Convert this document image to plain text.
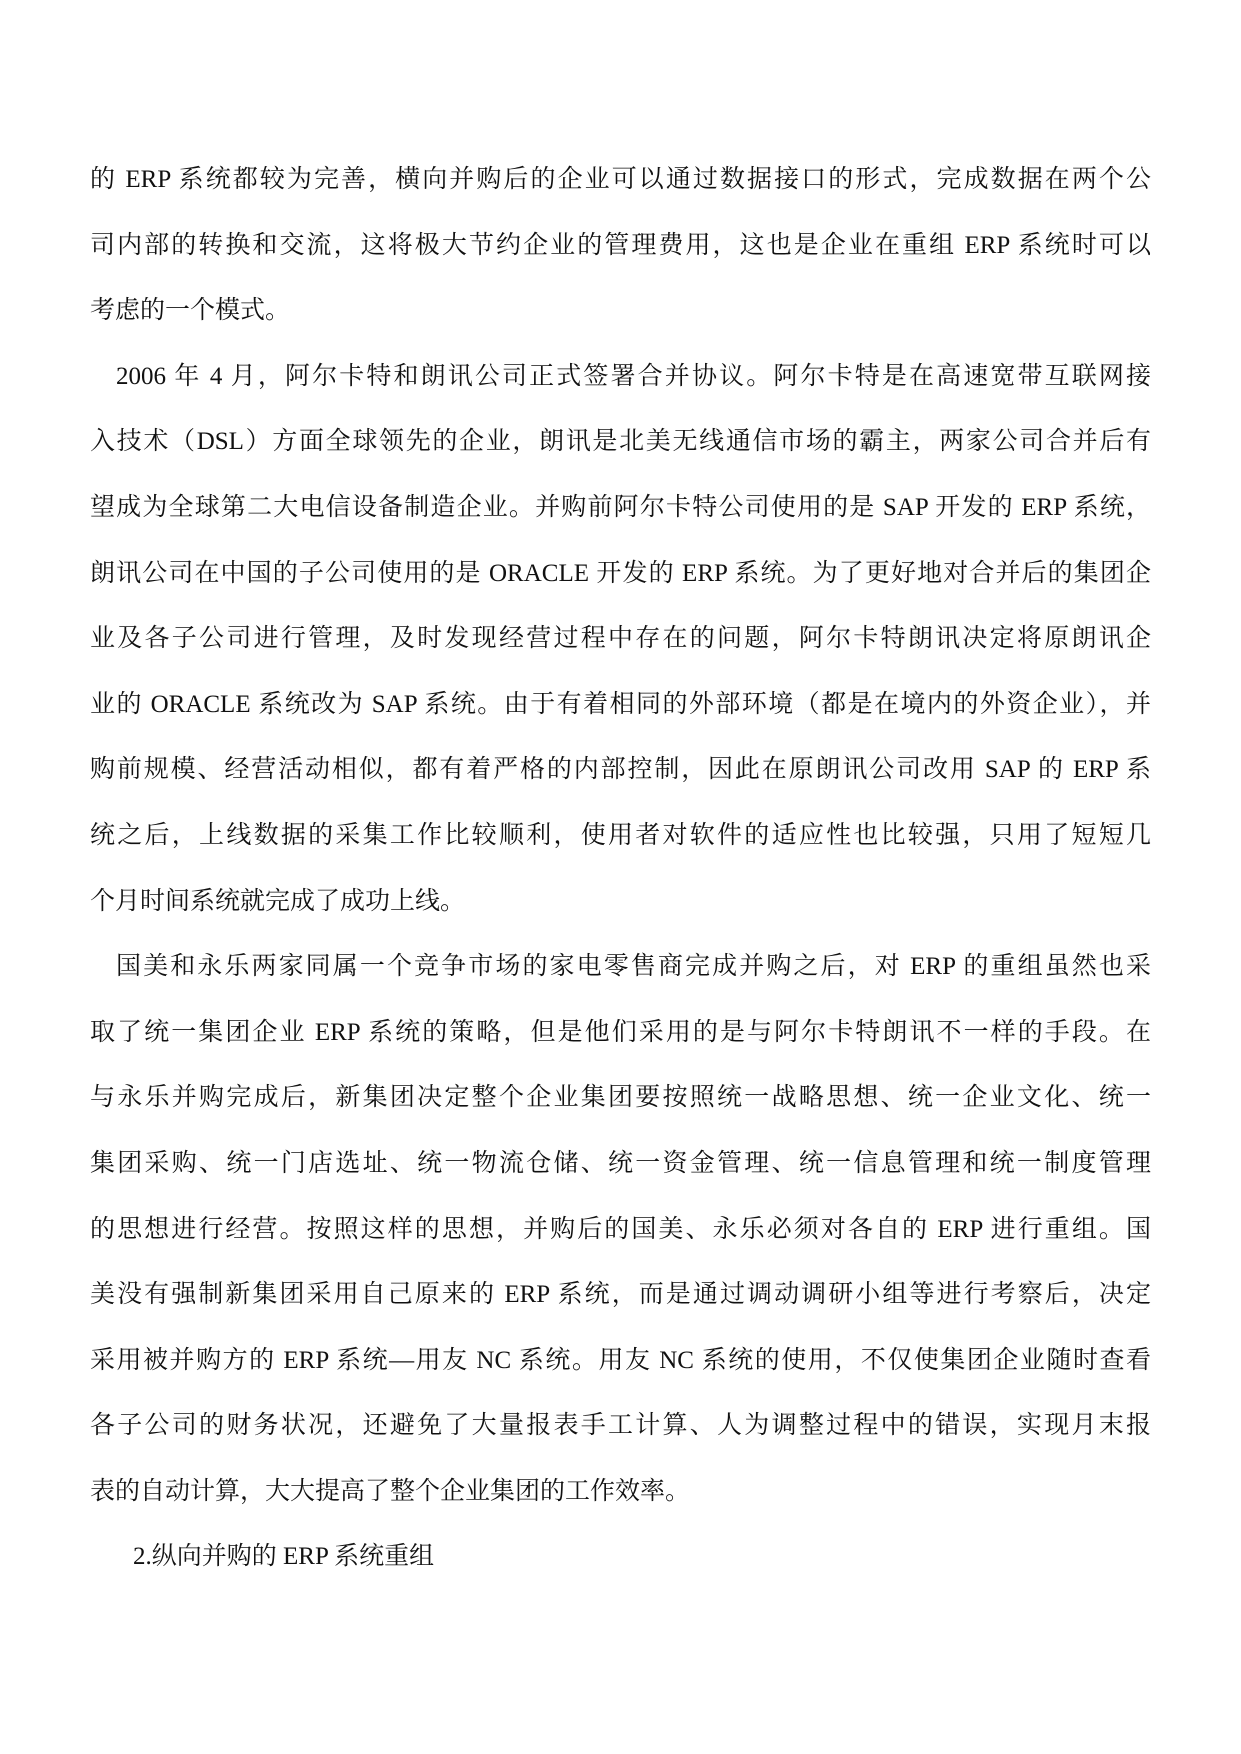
的 ERP 系统都较为完善，横向并购后的企业可以通过数据接口的形式，完成数据在两个公
司内部的转换和交流，这将极大节约企业的管理费用，这也是企业在重组 ERP 系统时可以
考虑的一个模式。
2006 年 4 月，阿尔卡特和朗讯公司正式签署合并协议。阿尔卡特是在高速宽带互联网接
入技术（DSL）方面全球领先的企业，朗讯是北美无线通信市场的霸主，两家公司合并后有
望成为全球第二大电信设备制造企业。并购前阿尔卡特公司使用的是 SAP 开发的 ERP 系统，
朗讯公司在中国的子公司使用的是 ORACLE 开发的 ERP 系统。为了更好地对合并后的集团企
业及各子公司进行管理，及时发现经营过程中存在的问题，阿尔卡特朗讯决定将原朗讯企
业的 ORACLE 系统改为 SAP 系统。由于有着相同的外部环境（都是在境内的外资企业），并
购前规模、经营活动相似，都有着严格的内部控制，因此在原朗讯公司改用 SAP 的 ERP 系
统之后，上线数据的采集工作比较顺利，使用者对软件的适应性也比较强，只用了短短几
个月时间系统就完成了成功上线。
国美和永乐两家同属一个竞争市场的家电零售商完成并购之后，对 ERP 的重组虽然也采
取了统一集团企业 ERP 系统的策略，但是他们采用的是与阿尔卡特朗讯不一样的手段。在
与永乐并购完成后，新集团决定整个企业集团要按照统一战略思想、统一企业文化、统一
集团采购、统一门店选址、统一物流仓储、统一资金管理、统一信息管理和统一制度管理
的思想进行经营。按照这样的思想，并购后的国美、永乐必须对各自的 ERP 进行重组。国
美没有强制新集团采用自己原来的 ERP 系统，而是通过调动调研小组等进行考察后，决定
采用被并购方的 ERP 系统—用友 NC 系统。用友 NC 系统的使用，不仅使集团企业随时查看
各子公司的财务状况，还避免了大量报表手工计算、人为调整过程中的错误，实现月末报
表的自动计算，大大提高了整个企业集团的工作效率。
2.纵向并购的 ERP 系统重组
